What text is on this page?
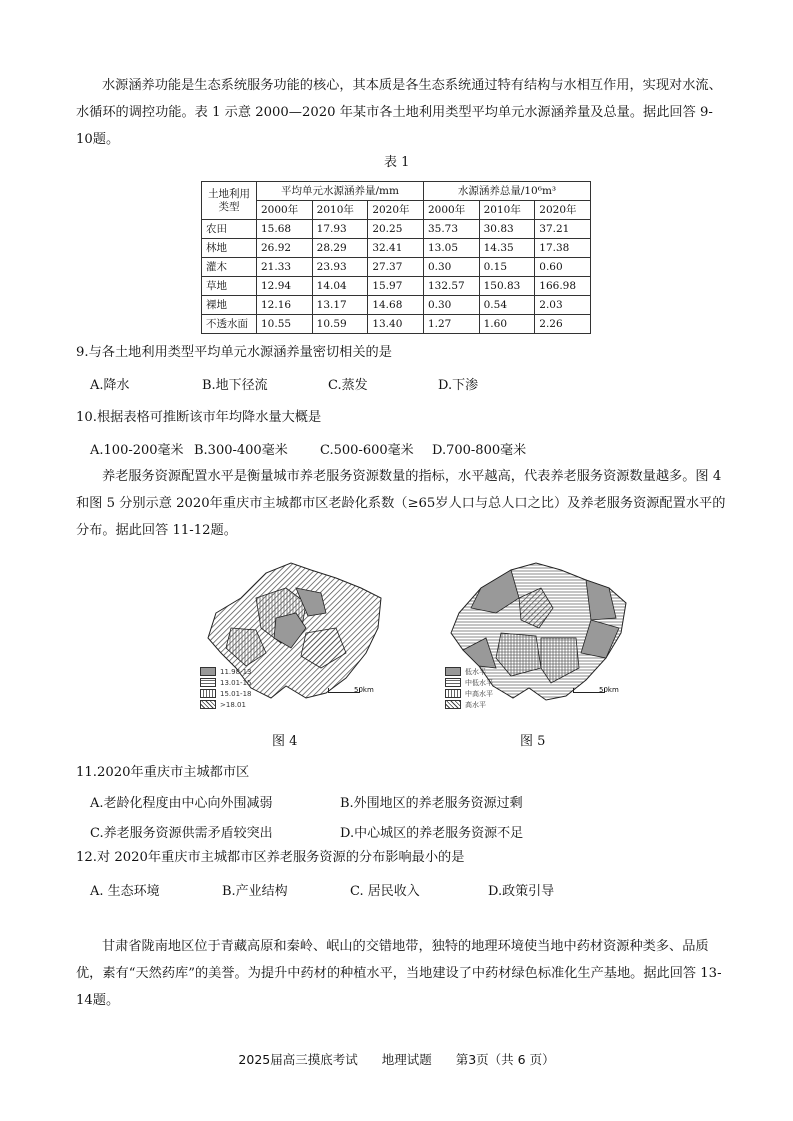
水源涵养功能是生态系统服务功能的核心，其本质是各生态系统通过特有结构与水相互作用，实现对水流、水循环的调控功能。表 1 示意 2000—2020 年某市各土地利用类型平均单元水源涵养量及总量。据此回答 9-10题。

表 1
土地利用类型	平均单元水源涵养量/mm			水源涵养总量/10⁶m³		
	2000年	2010年	2020年	2000年	2010年	2020年
农田	15.68	17.93	20.25	35.73	30.83	37.21
林地	26.92	28.29	32.41	13.05	14.35	17.38
灌木	21.33	23.93	27.37	0.30	0.15	0.60
草地	12.94	14.04	15.97	132.57	150.83	166.98
裸地	12.16	13.17	14.68	0.30	0.54	2.03
不透水面	10.55	10.59	13.40	1.27	1.60	2.26
9.与各土地利用类型平均单元水源涵养量密切相关的是
A.降水	B.地下径流	C.蒸发	D.下渗
10.根据表格可推断该市年均降水量大概是
A.100-200毫米 B.300-400毫米	C.500-600毫米	D.700-800毫米

养老服务资源配置水平是衡量城市养老服务资源数量的指标，水平越高，代表养老服务资源数量越多。图 4 和图 5 分别示意 2020年重庆市主城都市区老龄化系数（≥65岁人口与总人口之比）及养老服务资源配置水平的分布。据此回答 11-12题。

11.98-13
13.01-15
15.01-18
>18.01
50km
图 4
低水平
中低水平
中高水平
高水平
50km
图 5
11.2020年重庆市主城都市区
A.老龄化程度由中心向外围减弱	B.外围地区的养老服务资源过剩
C.养老服务资源供需矛盾较突出	D.中心城区的养老服务资源不足
12.对 2020年重庆市主城都市区养老服务资源的分布影响最小的是
A. 生态环境	B.产业结构	C. 居民收入	D.政策引导

甘肃省陇南地区位于青藏高原和秦岭、岷山的交错地带，独特的地理环境使当地中药材资源种类多、品质优，素有“天然药库”的美誉。为提升中药材的种植水平，当地建设了中药材绿色标准化生产基地。据此回答 13-14题。

2025届高三摸底考试 地理试题 第3页（共 6 页）
